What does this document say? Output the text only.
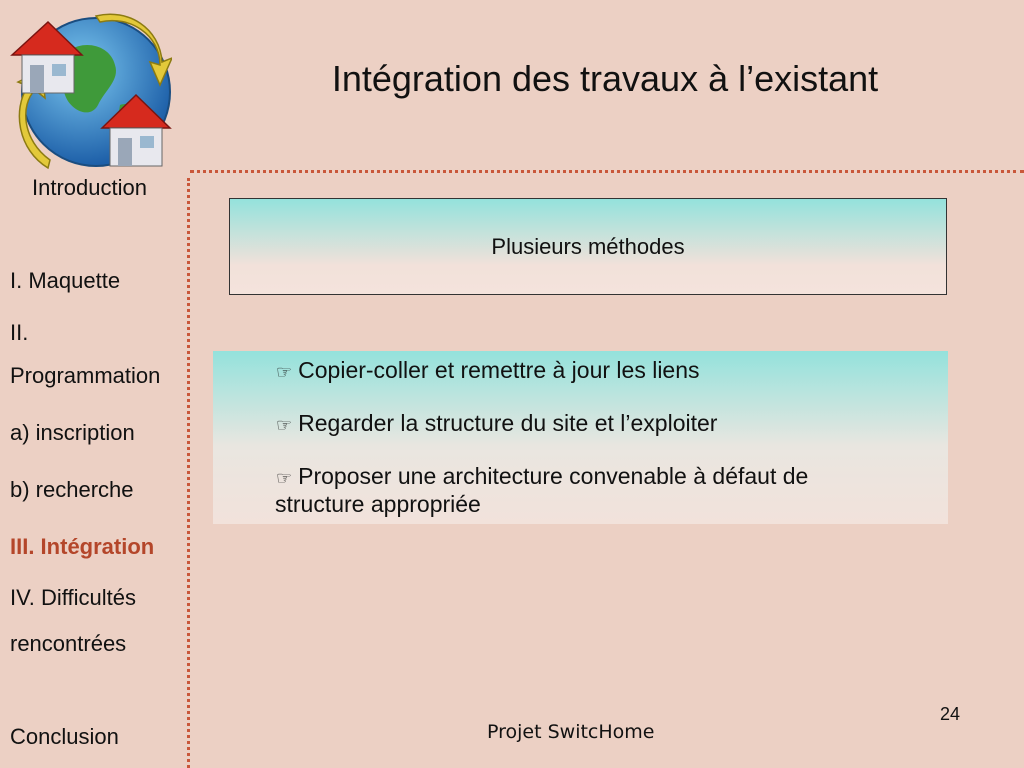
Intégration des travaux à l’existant
Introduction
I. Maquette
II.
Programmation
a) inscription
b) recherche
III. Intégration
IV. Difficultés
rencontrées
Conclusion
Plusieurs méthodes
☞ Copier-coller et remettre à jour les liens
☞ Regarder la structure du site et l’exploiter
☞ Proposer une architecture convenable à défaut de
structure appropriée
24
Projet SwitcHome
